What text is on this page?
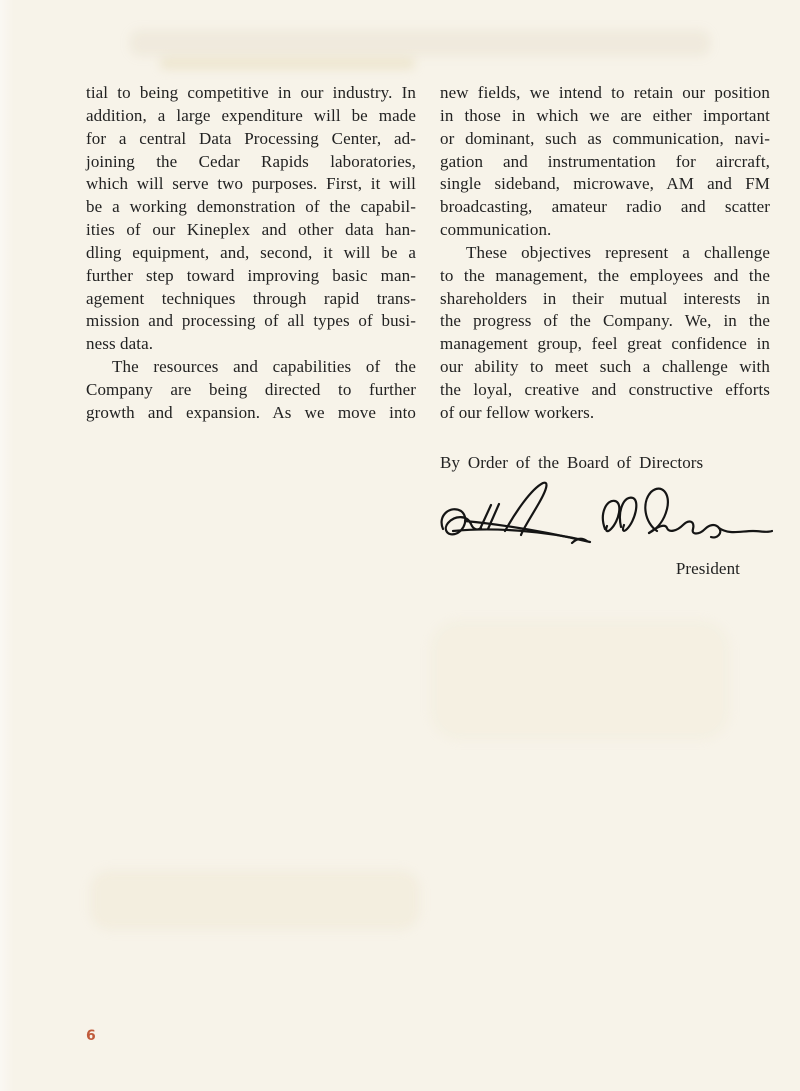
tial to being competitive in our industry. In
addition, a large expenditure will be made
for a central Data Processing Center, ad-
joining the Cedar Rapids laboratories,
which will serve two purposes. First, it will
be a working demonstration of the capabil-
ities of our Kineplex and other data han-
dling equipment, and, second, it will be a
further step toward improving basic man-
agement techniques through rapid trans-
mission and processing of all types of busi-
ness data.
The resources and capabilities of the
Company are being directed to further
growth and expansion. As we move into
new fields, we intend to retain our position
in those in which we are either important
or dominant, such as communication, navi-
gation and instrumentation for aircraft,
single sideband, microwave, AM and FM
broadcasting, amateur radio and scatter
communication.
These objectives represent a challenge
to the management, the employees and the
shareholders in their mutual interests in
the progress of the Company. We, in the
management group, feel great confidence in
our ability to meet such a challenge with
the loyal, creative and constructive efforts
of our fellow workers.
By Order of the Board of Directors
President
6
